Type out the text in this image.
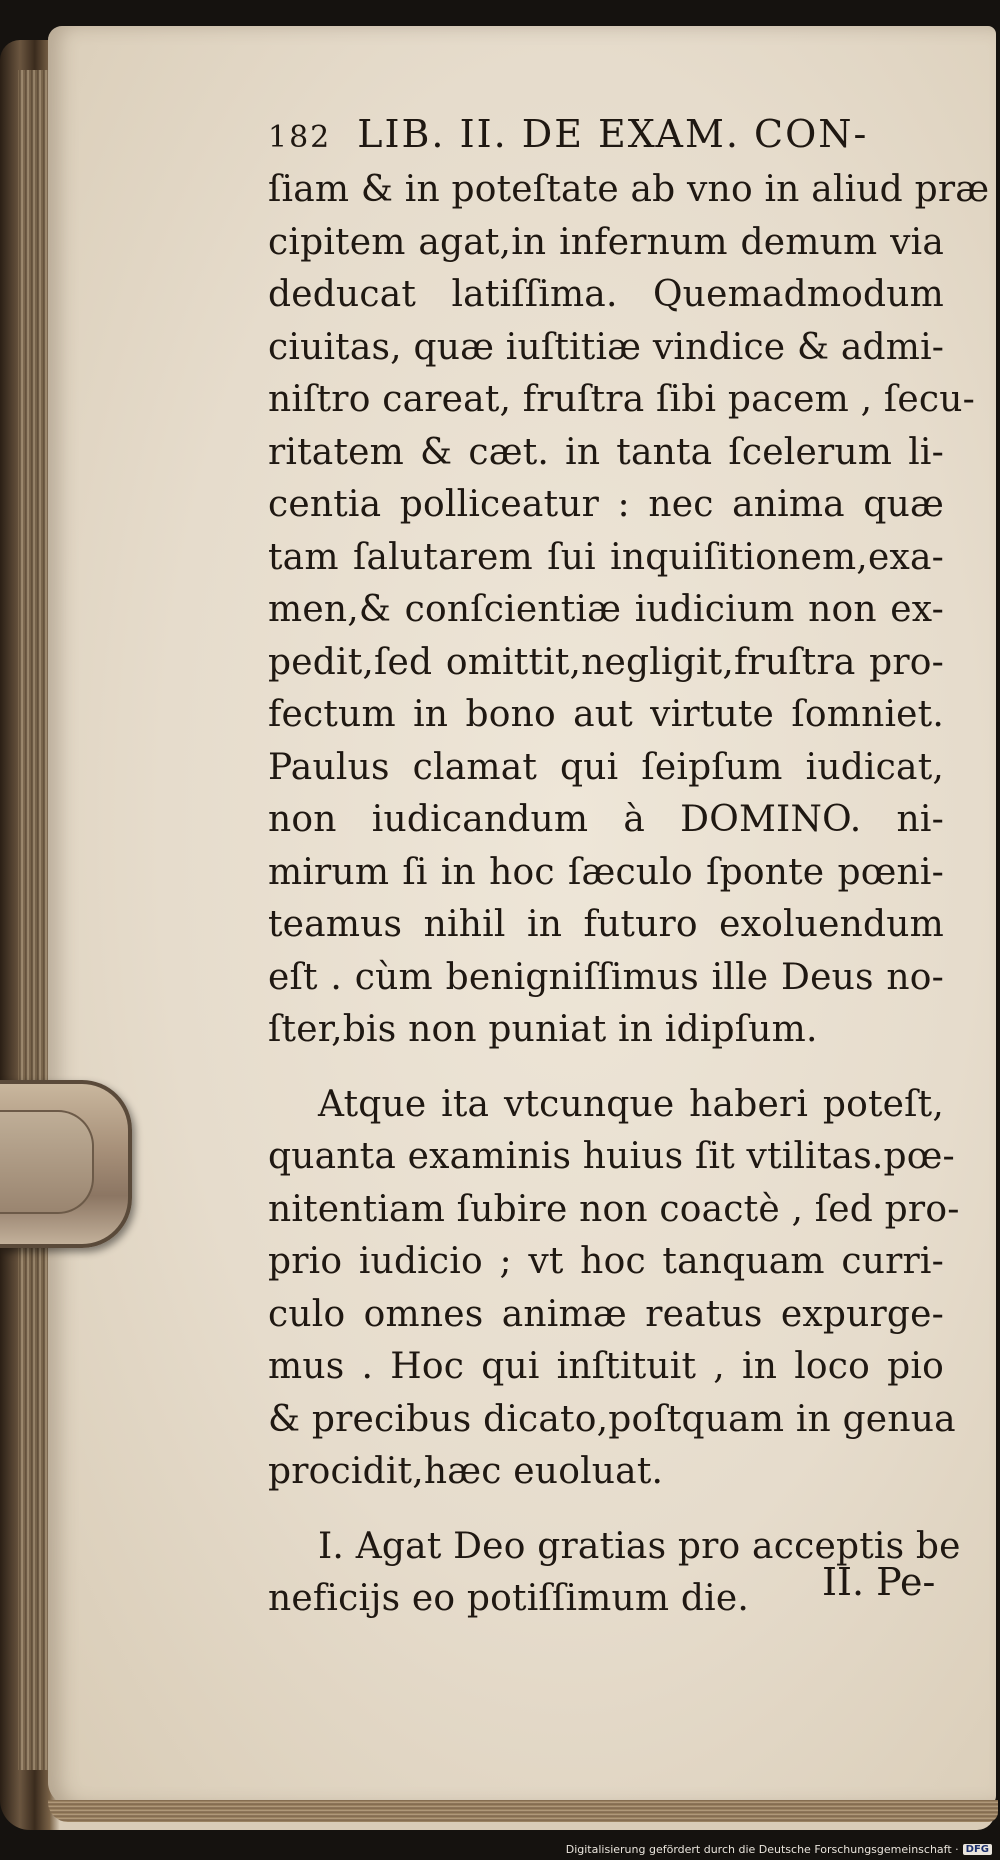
182 LIB. II. DE EXAM. CON-
ſiam & in poteſtate ab vno in aliud præ
cipitem agat,in infernum demum via
deducat latiſſima. Quemadmodum
ciuitas, quæ iuſtitiæ vindice & admi-
niſtro careat, fruſtra ſibi pacem , ſecu-
ritatem & cæt. in tanta ſcelerum li-
centia polliceatur : nec anima quæ
tam ſalutarem ſui inquiſitionem,exa-
men,& conſcientiæ iudicium non ex-
pedit,ſed omittit,negligit,fruſtra pro-
fectum in bono aut virtute ſomniet.
Paulus clamat qui ſeipſum iudicat,
non iudicandum à DOMINO. ni-
mirum ſi in hoc ſæculo ſponte pœni-
teamus nihil in futuro exoluendum
eſt . cùm benigniſſimus ille Deus no-
ſter,bis non puniat in idipſum.
Atque ita vtcunque haberi poteſt,
quanta examinis huius ſit vtilitas.pœ-
nitentiam ſubire non coactè , ſed pro-
prio iudicio ; vt hoc tanquam curri-
culo omnes animæ reatus expurge-
mus . Hoc qui inſtituit , in loco pio
& precibus dicato,poſtquam in genua
procidit,hæc euoluat.
I. Agat Deo gratias pro acceptis be
neficijs eo potiſſimum die.	II. Pe-
Digitalisierung gefördert durch die Deutsche Forschungsgemeinschaft · DFG
